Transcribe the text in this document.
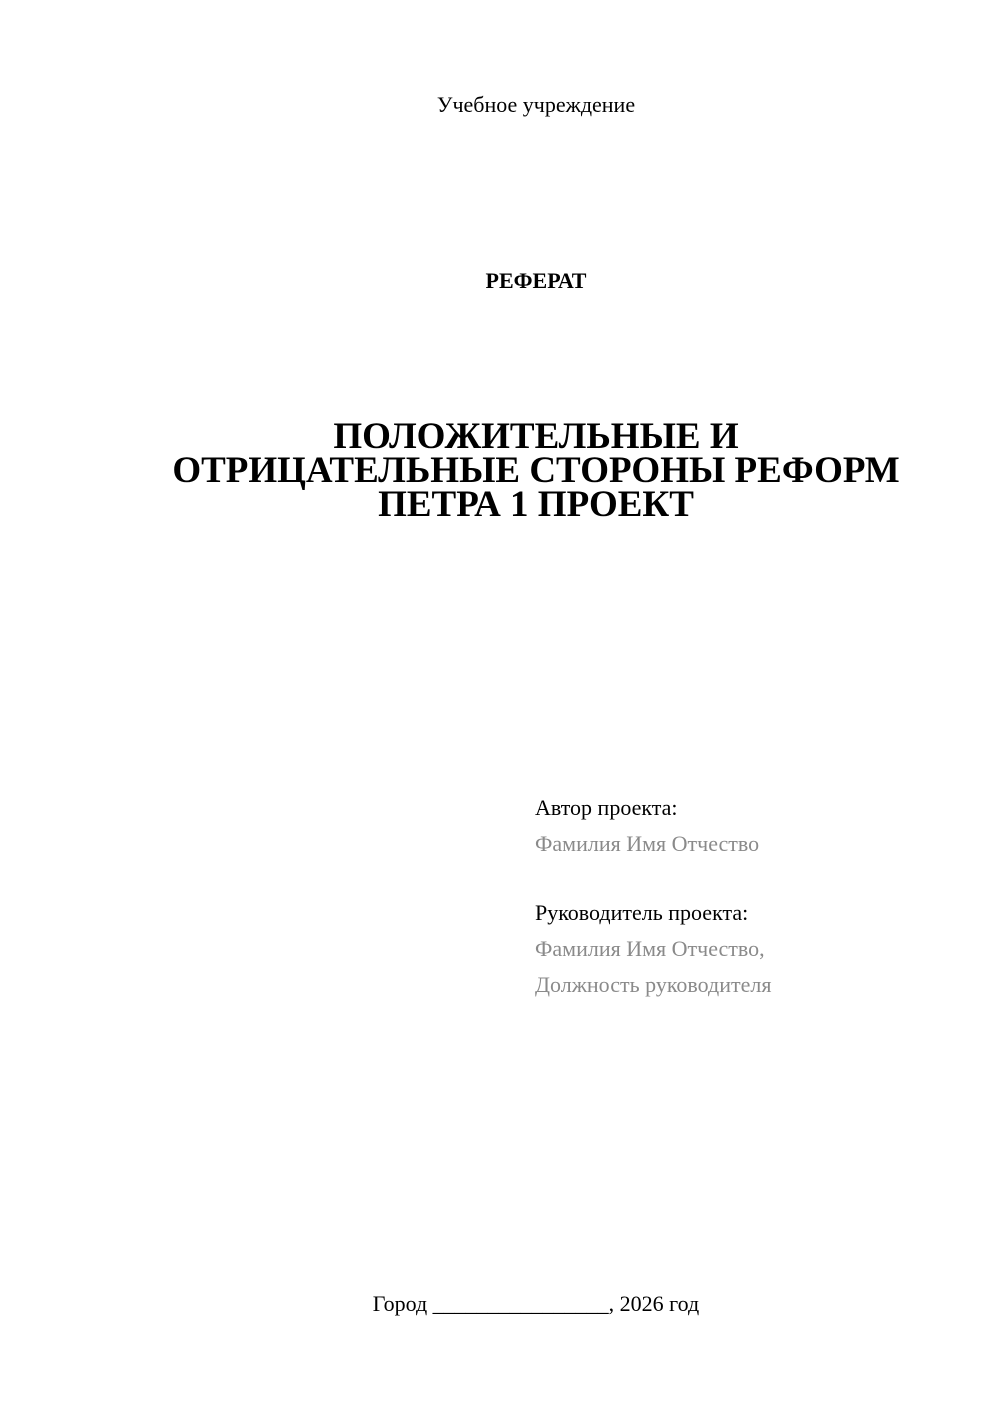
Учебное учреждение
РЕФЕРАТ
ПОЛОЖИТЕЛЬНЫЕ И
ОТРИЦАТЕЛЬНЫЕ СТОРОНЫ РЕФОРМ
ПЕТРА 1 ПРОЕКТ
Автор проекта:
Фамилия Имя Отчество
Руководитель проекта:
Фамилия Имя Отчество,
Должность руководителя
Город ________________, 2026 год
